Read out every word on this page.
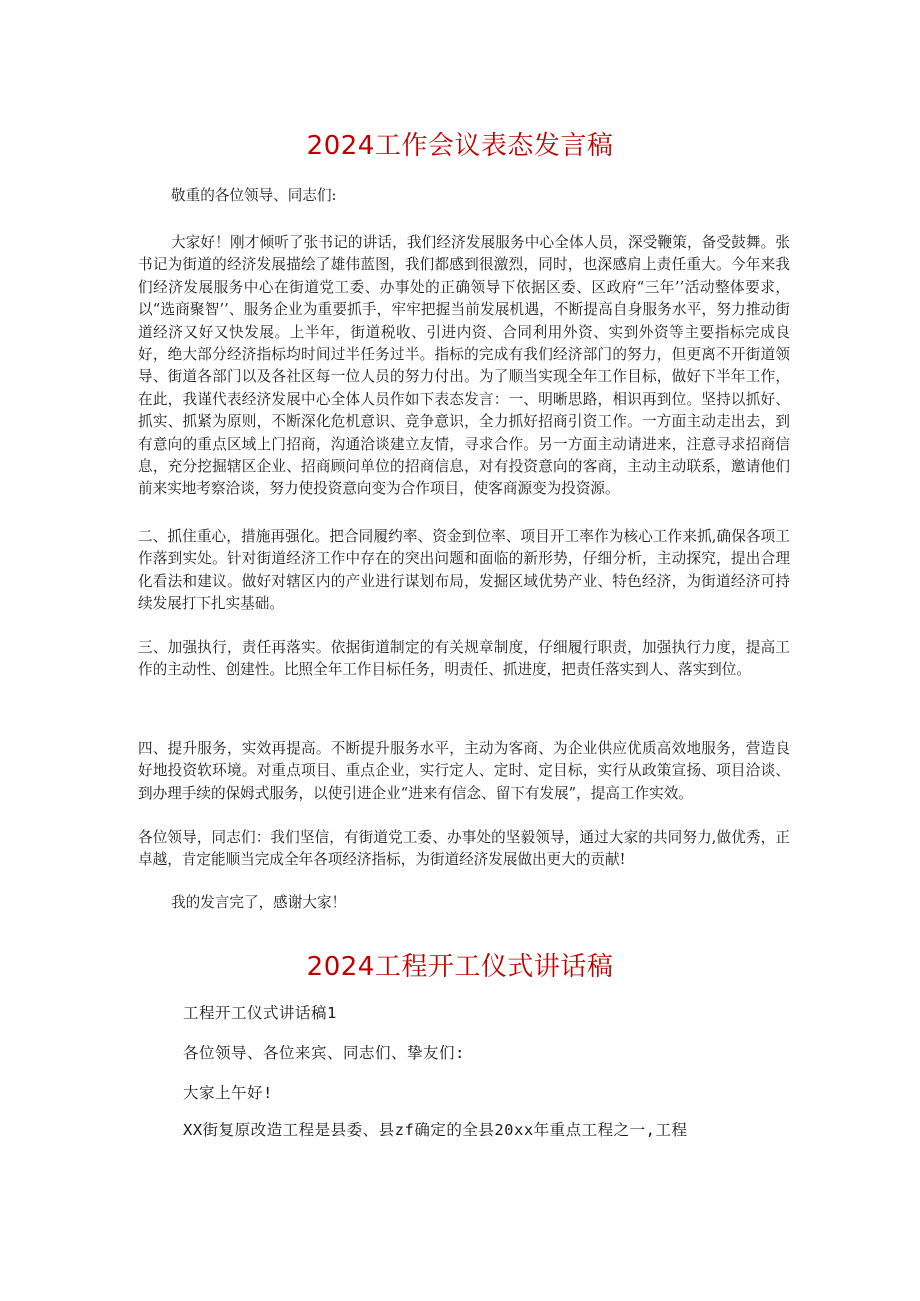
2024工作会议表态发言稿

敬重的各位领导、同志们:

大家好！刚才倾听了张书记的讲话，我们经济发展服务中心全体人员，深受鞭策，备受鼓舞。张书记为街道的经济发展描绘了雄伟蓝图，我们都感到很激烈，同时，也深感肩上责任重大。今年来我们经济发展服务中心在街道党工委、办事处的正确领导下依据区委、区政府“三年’’活动整体要求，以“选商聚智’’、服务企业为重要抓手，牢牢把握当前发展机遇，不断提高自身服务水平，努力推动街道经济又好又快发展。上半年，街道税收、引进内资、合同利用外资、实到外资等主要指标完成良好，绝大部分经济指标均时间过半任务过半。指标的完成有我们经济部门的努力，但更离不开街道领导、街道各部门以及各社区每一位人员的努力付出。为了顺当实现全年工作目标，做好下半年工作，在此，我谨代表经济发展中心全体人员作如下表态发言：一、明晰思路，相识再到位。坚持以抓好、抓实、抓紧为原则，不断深化危机意识、竞争意识，全力抓好招商引资工作。一方面主动走出去，到有意向的重点区域上门招商，沟通洽谈建立友情，寻求合作。另一方面主动请进来，注意寻求招商信息，充分挖掘辖区企业、招商顾问单位的招商信息，对有投资意向的客商，主动主动联系，邀请他们前来实地考察洽谈，努力使投资意向变为合作项目，使客商源变为投资源。

二、抓住重心，措施再强化。把合同履约率、资金到位率、项目开工率作为核心工作来抓,确保各项工作落到实处。针对街道经济工作中存在的突出问题和面临的新形势，仔细分析，主动探究，提出合理化看法和建议。做好对辖区内的产业进行谋划布局，发掘区域优势产业、特色经济，为街道经济可持续发展打下扎实基础。

三、加强执行，责任再落实。依据街道制定的有关规章制度，仔细履行职责，加强执行力度，提高工作的主动性、创建性。比照全年工作目标任务，明责任、抓进度，把责任落实到人、落实到位。

四、提升服务，实效再提高。不断提升服务水平，主动为客商、为企业供应优质高效地服务，营造良好地投资软环境。对重点项目、重点企业，实行定人、定时、定目标，实行从政策宣扬、项目洽谈、到办理手续的保姆式服务，以使引进企业“进来有信念、留下有发展”，提高工作实效。

各位领导，同志们：我们坚信，有街道党工委、办事处的坚毅领导，通过大家的共同努力,做优秀，正卓越，肯定能顺当完成全年各项经济指标，为街道经济发展做出更大的贡献!

我的发言完了，感谢大家！

2024工程开工仪式讲话稿

工程开工仪式讲话稿1

各位领导、各位来宾、同志们、挚友们:

大家上午好!

XX街复原改造工程是县委、县zf确定的全县20xx年重点工程之一,工程
